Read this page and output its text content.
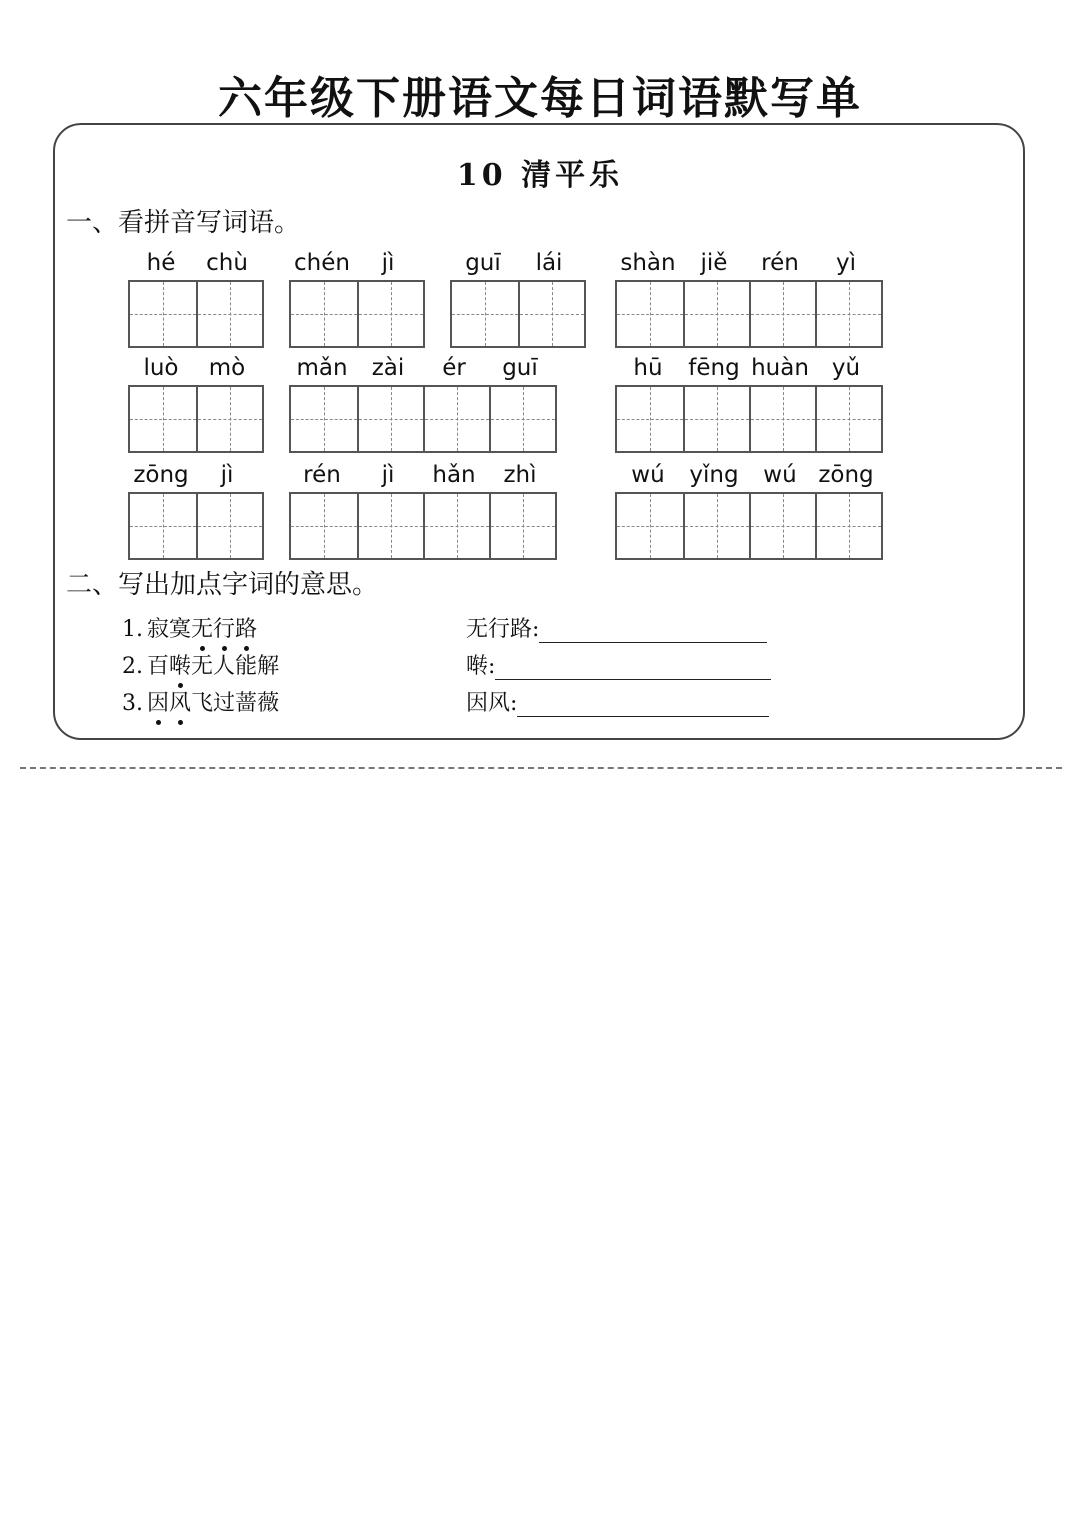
六年级下册语文每日词语默写单
10 清平乐
一、看拼音写词语。
hé	chù	chén	jì	guī	lái	shàn	jiě	rén	yì
luò	mò	mǎn	zài	ér	guī	hū	fēng huàn yǔ
zōng	jì	rén	jì	hǎn	zhì	wú	yǐng	wú zōng
二、写出加点字词的意思。
1. 寂寞无行路	无行路:
2. 百啭无人能解	啭:
3. 因风飞过蔷薇	因风:
